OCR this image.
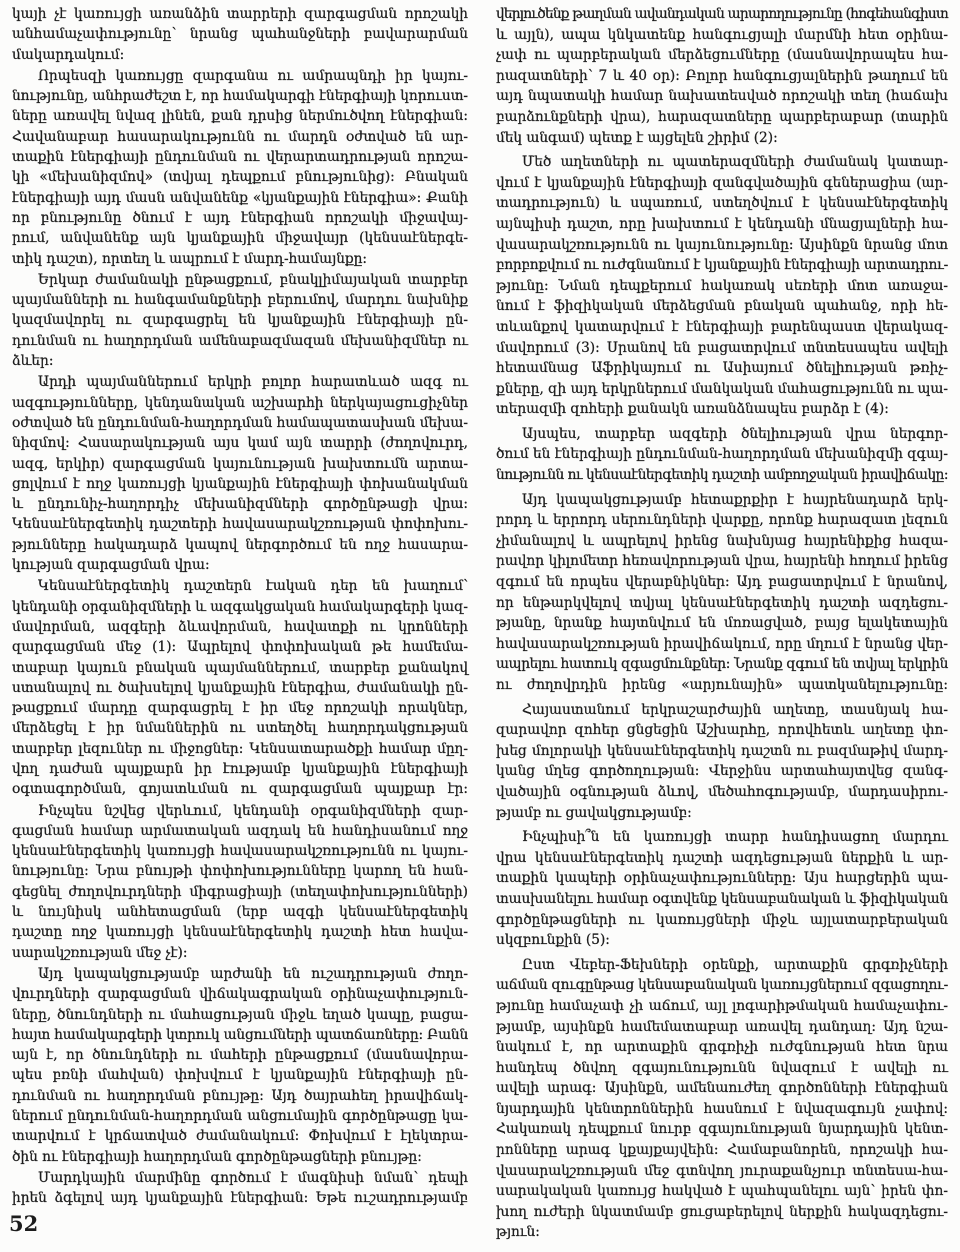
կայի չէ կառույցի առանձին տարրերի զարգացման որոշակի
անհամաչափությունը՝ նրանց պահանջների բավարարման
մակարդակում:
Որպեսզի կառույցը զարգանա ու ամրապնդի իր կայու-
նությունը, անհրաժեշտ է, որ համակարգի էներգիայի կորուստ-
ները առավել նվազ լինեն, քան դրսից ներմուծվող էներգիան:
Հավանաբար հասարակությունն ու մարդն օժտված են ար-
տաքին էներգիայի ընդունման ու վերարտադրության որոշա-
կի «մեխանիզմով» (տվյալ դեպքում բնությունից): Բնական
էներգիայի այդ մասն անվանենք «կյանքային էներգիա»: Քանի
որ բնությունը ծնում է այդ էներգիան որոշակի միջավայ-
րում, անվանենք այն կյանքային միջավայր (կենսաէներգե-
տիկ դաշտ), որտեղ և ապրում է մարդ-համայնքը:
Երկար ժամանակի ընթացքում, բնակլիմայական տարբեր
պայմանների ու հանգամանքների բերումով, մարդու նախնիք
կազմավորել ու զարգացրել են կյանքային էներգիայի ըն-
դունման ու հաղորդման ամենաբազմազան մեխանիզմներ ու
ձևեր:
Արդի պայմաններում երկրի բոլոր հարատևած ազգ ու
ազգությունները, կենդանական աշխարհի ներկայացուցիչներ
օժտված են ընդունման-հաղորդման համապատասխան մեխա-
նիզմով: Հասարակության այս կամ այն տարրի (ժողովուրդ,
ազգ, երկիր) զարգացման կայունության խախտումն արտա-
ցոլվում է ողջ կառույցի կյանքային էներգիայի փոխանակման
և ընդունիչ-հաղորդիչ մեխանիզմների գործընթացի վրա:
Կենսաէներգետիկ դաշտերի հավասարակշռության փոփոխու-
թյունները հակադարձ կապով ներգործում են ողջ հասարա-
կության զարգացման վրա:
Կենսաէներգետիկ դաշտերն էական դեր են խաղում՝
կենդանի օրգանիզմների և ազգակցական համակարգերի կազ-
մավորման, ազգերի ձևավորման, հավատքի ու կրոնների
զարգացման մեջ (1): Ապրելով փոփոխական թե համեմա-
տաբար կայուն բնական պայմաններում, տարբեր քանակով
ստանալով ու ծախսելով կյանքային էներգիա, ժամանակի ըն-
թացքում մարդը զարգացրել է իր մեջ որոշակի որակներ,
մերձեցել է իր նմաններին ու ստեղծել հաղորդակցության
տարբեր լեզուներ ու միջոցներ: Կենսատարածքի համար մըղ-
վող դաժան պայքարն իր էությամբ կյանքային էներգիայի
օգտագործման, գոյատևման ու զարգացման պայքար էր:
Ինչպես նշվեց վերևում, կենդանի օրգանիզմների զար-
գացման համար արմատական ազդակ են հանդիսանում ողջ
կենսաէներգետիկ կառույցի հավասարակշռությունն ու կայու-
նությունը: Նրա բնույթի փոփոխությունները կարող են հան-
գեցնել ժողովուրդների միգրացիայի (տեղափոխությունների)
և նույնիսկ անհետացման (երբ ազգի կենսաէներգետիկ
դաշտը ողջ կառույցի կենսաէներգետիկ դաշտի հետ հավա-
սարակշռության մեջ չէ):
Այդ կապակցությամբ արժանի են ուշադրության ժողո-
վուրդների զարգացման վիճակագրական օրինաչափություն-
ները, ծնունդների ու մահացության միջև եղած կապը, բացա-
հայտ համակարգերի կտրուկ անցումների պատճառները: Բանն
այն է, որ ծնունդների ու մահերի ընթացքում (մասնավորա-
պես բռնի մահվան) փոխվում է կյանքային էներգիայի ըն-
դունման ու հաղորդման բնույթը: Այդ ծայրահեղ իրավիճակ-
ներում ընդունման-հաղորդման անցումային գործընթացը կա-
տարվում է կրճատված ժամանակում: Փոխվում է էլեկտրա-
ծին ու էներգիայի հաղորդման գործընթացների բնույթը:
Մարդկային մարմինը գործում է մագնիսի նման՝ դեպի
իրեն ձգելով այդ կյանքային էներգիան: Եթե ուշադրությամբ
վերլուծենք թաղման ավանդական արարողությունը (հոգեհանգիստ
և այլն), ապա կնկատենք հանգուցյալի մարմնի հետ օրինա-
չափ ու պարբերական մերձեցումները (մասնավորապես հա-
րազատների՝ 7 և 40 օր): Բոլոր հանգուցյալներին թաղում են
այդ նպատակի համար նախատեսված որոշակի տեղ (հաճախ
բարձունքների վրա), հարազատները պարբերաբար (տարին
մեկ անգամ) պետք է այցելեն շիրիմ (2):
Մեծ աղետների ու պատերազմների ժամանակ կատար-
վում է կյանքային էներգիայի զանգվածային գեներացիա (ար-
տադրություն) և սպառում, ստեղծվում է կենսաէներգետիկ
այնպիսի դաշտ, որը խախտում է կենդանի մնացյալների հա-
վասարակշռությունն ու կայունությունը: Այսինքն նրանց մոտ
բորբոքվում ու ուժգնանում է կյանքային էներգիայի արտադրու-
թյունը: Նման դեպքերում հակառակ սեռերի մոտ առաջա-
նում է ֆիզիկական մերձեցման բնական պահանջ, որի հե-
տևանքով կատարվում է էներգիայի բարենպաստ վերակազ-
մավորում (3): Սրանով են բացատրվում տնտեսապես ավելի
հետամնաց Աֆրիկայում ու Ասիայում ծնելիության թռիչ-
քները, զի այդ երկրներում մանկական մահացությունն ու պա-
տերազմի զոհերի քանակն առանձնապես բարձր է (4):
Այսպես, տարբեր ազգերի ծնելիության վրա ներգոր-
ծում են էներգիայի ընդունման-հաղորդման մեխանիզմի զգայ-
նությունն ու կենսաէներգետիկ դաշտի ամբողջական իրավիճակը:
Այդ կապակցությամբ հետաքրքիր է հայրենադարձ երկ-
րորդ և երրորդ սերունդների վարքը, որոնք հարազատ լեզուն
չիմանալով և ապրելով իրենց նախնյաց հայրենիքից հազա-
րավոր կիլոմետր հեռավորության վրա, հայրենի հողում իրենց
զգում են որպես վերաբնիկներ: Այդ բացատրվում է նրանով,
որ ենթարկվելով տվյալ կենսաէներգետիկ դաշտի ազդեցու-
թյանը, նրանք հայտնվում են մոռացված, բայց ելակետային
հավասարակշռության իրավիճակում, որը մղում է նրանց վեր-
ապրելու հատուկ զգացմունքներ: Նրանք զգում են տվյալ երկրին
ու ժողովրդին իրենց «արյունային» պատկանելությունը:
Հայաստանում երկրաշարժային աղետը, տասնյակ հա-
զարավոր զոհեր ցնցեցին Աշխարհը, որովհետև աղետը փո-
խեց մոլորակի կենսաէներգետիկ դաշտն ու բազմաթիվ մարդ-
կանց մղեց գործողության: Վերջինս արտահայտվեց զանգ-
վածային օգնության ձևով, մեծահոգությամբ, մարդասիրու-
թյամբ ու ցավակցությամբ:
Ինչպիսի՞ն են կառույցի տարր հանդիսացող մարդու
վրա կենսաէներգետիկ դաշտի ազդեցության ներքին և ար-
տաքին կապերի օրինաչափությունները: Այս հարցերին պա-
տասխանելու համար օգտվենք կենսաբանական և ֆիզիկական
գործընթացների ու կառույցների միջև այլատարբերական
սկզբունքին (5):
Ըստ Վեբեր-Ֆեխների օրենքի, արտաքին գրգռիչների
աճման զուգընթաց կենսաբանական կառույցներում զգացողու-
թյունը համաչափ չի աճում, այլ լոգարիթմական համաչափու-
թյամբ, այսինքն համեմատաբար առավել դանդաղ: Այդ նշա-
նակում է, որ արտաքին գրգռիչի ուժգնության հետ նրա
հանդեպ ծնվող զգայունությունն նվազում է ավելի ու
ավելի արագ: Այսինքն, ամենաուժեղ գործոնների էներգիան
նյարդային կենտրոններին հասնում է նվազագույն չափով:
Հակառակ դեպքում նուրբ զգայունության նյարդային կենտ-
րոնները արագ կքայքայվեին: Համաբանորեն, որոշակի հա-
վասարակշռության մեջ գտնվող յուրաքանչյուր տնտեսա-հա-
սարակական կառույց հակված է պահպանելու այն՝ իրեն փո-
խող ուժերի նկատմամբ ցուցաբերելով ներքին հակազդեցու-
թյուն:
52
